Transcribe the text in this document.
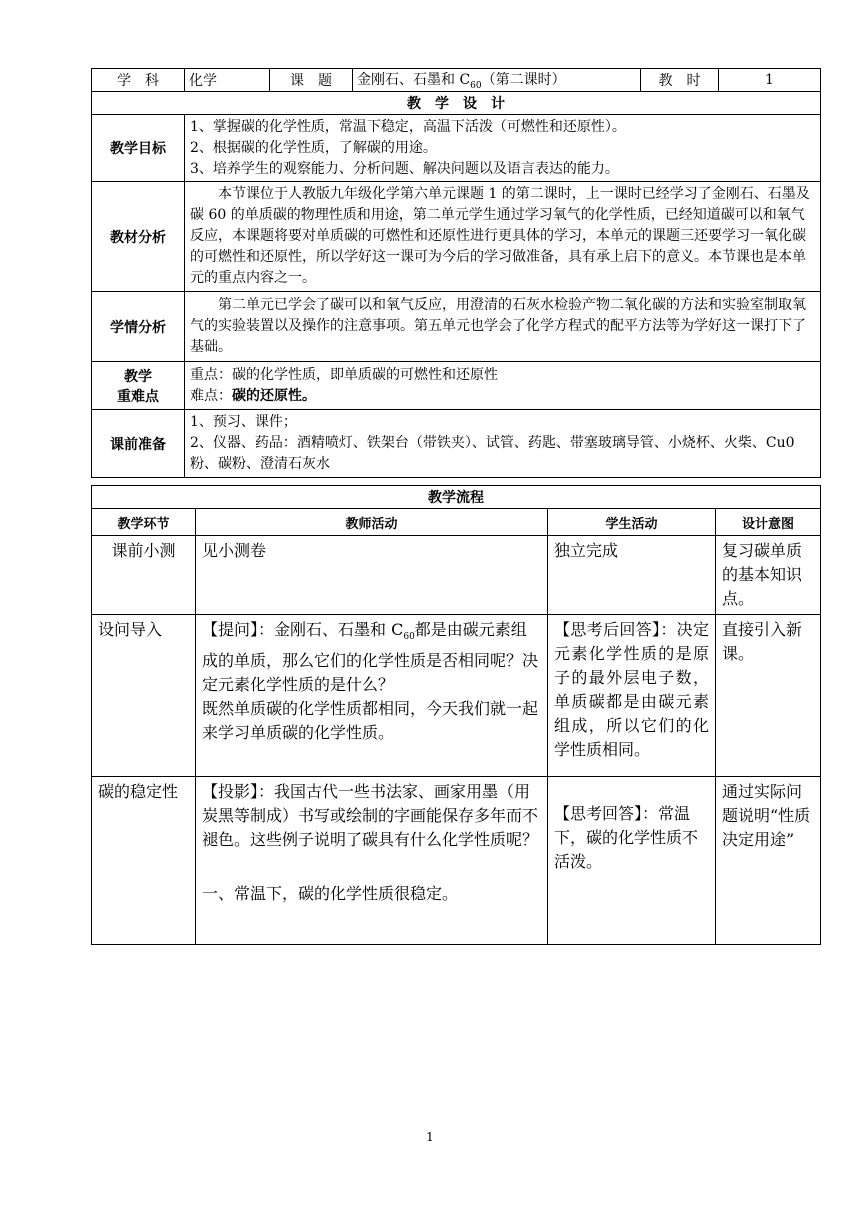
学　科	化学	课　题	金刚石、石墨和 $C_{60}$（第二课时）	教　时	1
教　学　设　计					
教学目标	1、掌握碳的化学性质，常温下稳定，高温下活泼（可燃性和还原性）。
2、根据碳的化学性质，了解碳的用途。
3、培养学生的观察能力、分析问题、解决问题以及语言表达的能力。				

教材分析	本节课位于人教版九年级化学第六单元课题 1 的第二课时，上一课时已经学习了金刚石、石墨及碳 60 的单质碳的物理性质和用途，第二单元学生通过学习氧气的化学性质，已经知道碳可以和氧气反应，本课题将要对单质碳的可燃性和还原性进行更具体的学习，本单元的课题三还要学习一氧化碳的可燃性和还原性，所以学好这一课可为今后的学习做准备，具有承上启下的意义。本节课也是本单元的重点内容之一。				

学情分析	第二单元已学会了碳可以和氧气反应，用澄清的石灰水检验产物二氧化碳的方法和实验室制取氧气的实验装置以及操作的注意事项。第五单元也学会了化学方程式的配平方法等为学好这一课打下了基础。				

教学
重难点	重点：碳的化学性质，即单质碳的可燃性和还原性
难点：碳的还原性。				

课前准备	1、预习、课件；
2、仪器、药品：酒精喷灯、铁架台（带铁夹）、试管、药匙、带塞玻璃导管、小烧杯、火柴、Cu0粉、碳粉、澄清石灰水				
教学流程			
教学环节	教师活动	学生活动	设计意图
课前小测	见小测卷	独立完成	复习碳单质的基本知识点。
设问导入	【提问】：金刚石、石墨和 $C_{60}$都是由碳元素组成的单质，那么它们的化学性质是否相同呢？决定元素化学性质的是什么？
既然单质碳的化学性质都相同，今天我们就一起来学习单质碳的化学性质。	【思考后回答】：决定元素化学性质的是原子的最外层电子数，单质碳都是由碳元素组成，所以它们的化学性质相同。	直接引入新课。
碳的稳定性	【投影】：我国古代一些书法家、画家用墨（用炭黑等制成）书写或绘制的字画能保存多年而不褪色。这些例子说明了碳具有什么化学性质呢？
一、常温下，碳的化学性质很稳定。	【思考回答】：常温下，碳的化学性质不活泼。	通过实际问题说明“性质决定用途”
1
